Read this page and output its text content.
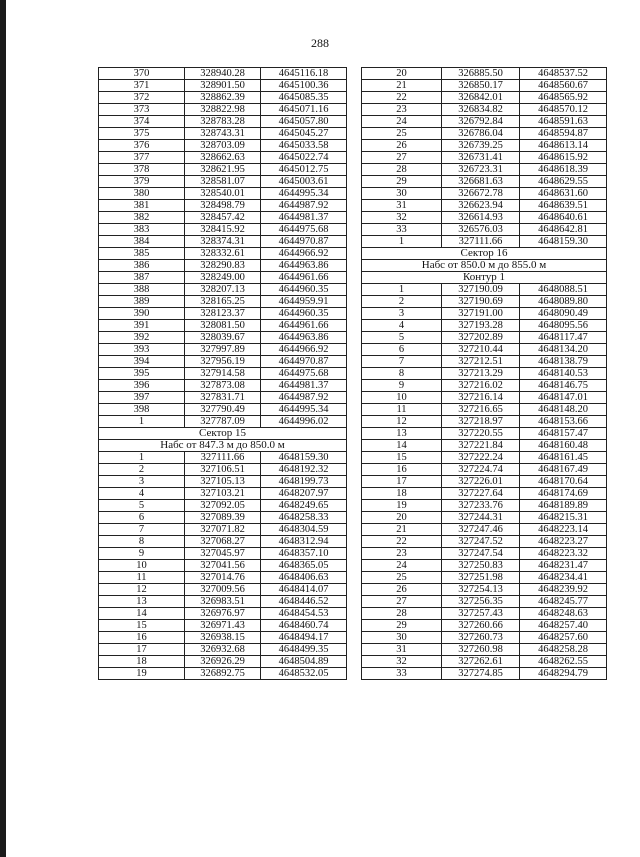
288
370	328940.28	4645116.18
371	328901.50	4645100.36
372	328862.39	4645085.35
373	328822.98	4645071.16
374	328783.28	4645057.80
375	328743.31	4645045.27
376	328703.09	4645033.58
377	328662.63	4645022.74
378	328621.95	4645012.75
379	328581.07	4645003.61
380	328540.01	4644995.34
381	328498.79	4644987.92
382	328457.42	4644981.37
383	328415.92	4644975.68
384	328374.31	4644970.87
385	328332.61	4644966.92
386	328290.83	4644963.86
387	328249.00	4644961.66
388	328207.13	4644960.35
389	328165.25	4644959.91
390	328123.37	4644960.35
391	328081.50	4644961.66
392	328039.67	4644963.86
393	327997.89	4644966.92
394	327956.19	4644970.87
395	327914.58	4644975.68
396	327873.08	4644981.37
397	327831.71	4644987.92
398	327790.49	4644995.34
1	327787.09	4644996.02
Сектор 15		
Набс от 847.3 м до 850.0 м		
1	327111.66	4648159.30
2	327106.51	4648192.32
3	327105.13	4648199.73
4	327103.21	4648207.97
5	327092.05	4648249.65
6	327089.39	4648258.33
7	327071.82	4648304.59
8	327068.27	4648312.94
9	327045.97	4648357.10
10	327041.56	4648365.05
11	327014.76	4648406.63
12	327009.56	4648414.07
13	326983.51	4648446.52
14	326976.97	4648454.53
15	326971.43	4648460.74
16	326938.15	4648494.17
17	326932.68	4648499.35
18	326926.29	4648504.89
19	326892.75	4648532.05
20	326885.50	4648537.52
21	326850.17	4648560.67
22	326842.01	4648565.92
23	326834.82	4648570.12
24	326792.84	4648591.63
25	326786.04	4648594.87
26	326739.25	4648613.14
27	326731.41	4648615.92
28	326723.31	4648618.39
29	326681.63	4648629.55
30	326672.78	4648631.60
31	326623.94	4648639.51
32	326614.93	4648640.61
33	326576.03	4648642.81
1	327111.66	4648159.30
Сектор 16		
Набс от 850.0 м до 855.0 м		
Контур 1		
1	327190.09	4648088.51
2	327190.69	4648089.80
3	327191.00	4648090.49
4	327193.28	4648095.56
5	327202.89	4648117.47
6	327210.44	4648134.20
7	327212.51	4648138.79
8	327213.29	4648140.53
9	327216.02	4648146.75
10	327216.14	4648147.01
11	327216.65	4648148.20
12	327218.97	4648153.66
13	327220.55	4648157.47
14	327221.84	4648160.48
15	327222.24	4648161.45
16	327224.74	4648167.49
17	327226.01	4648170.64
18	327227.64	4648174.69
19	327233.76	4648189.89
20	327244.31	4648215.31
21	327247.46	4648223.14
22	327247.52	4648223.27
23	327247.54	4648223.32
24	327250.83	4648231.47
25	327251.98	4648234.41
26	327254.13	4648239.92
27	327256.35	4648245.77
28	327257.43	4648248.63
29	327260.66	4648257.40
30	327260.73	4648257.60
31	327260.98	4648258.28
32	327262.61	4648262.55
33	327274.85	4648294.79
